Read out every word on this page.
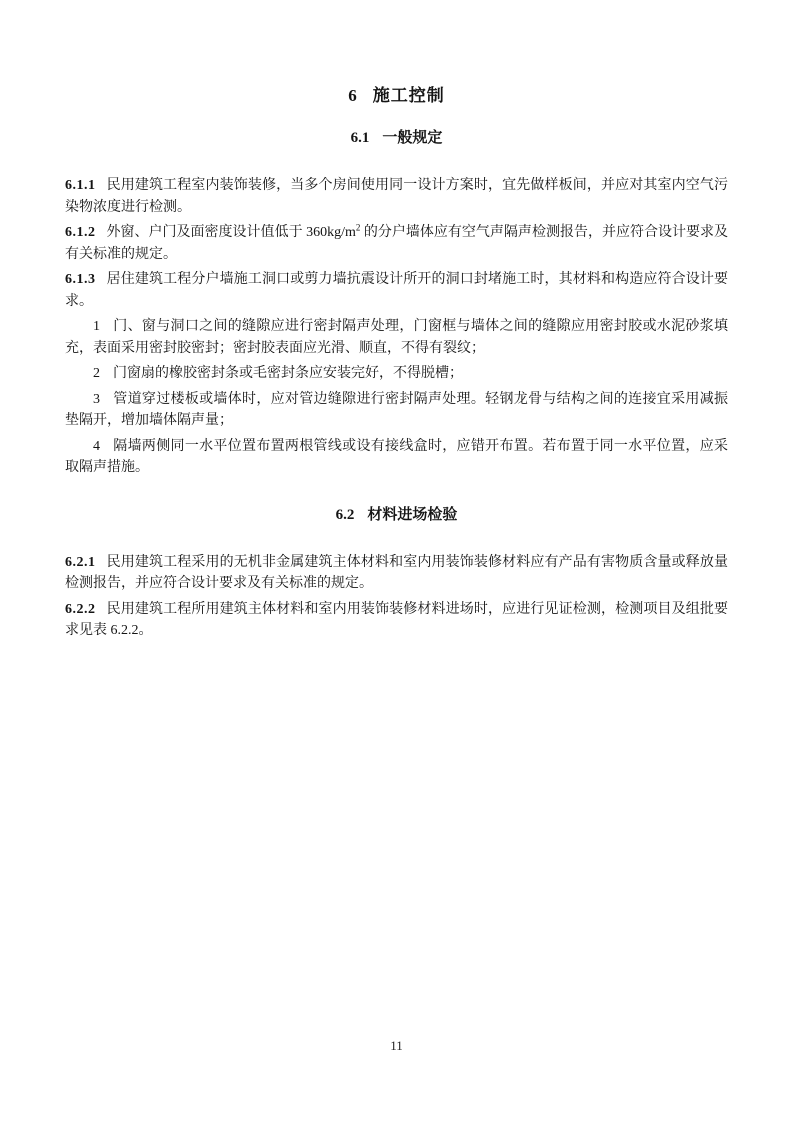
6 施工控制
6.1 一般规定

6.1.1 民用建筑工程室内装饰装修，当多个房间使用同一设计方案时，宜先做样板间，并应对其室内空气污染物浓度进行检测。

6.1.2 外窗、户门及面密度设计值低于 $360kg/m^2$ 的分户墙体应有空气声隔声检测报告，并应符合设计要求及有关标准的规定。

6.1.3 居住建筑工程分户墙施工洞口或剪力墙抗震设计所开的洞口封堵施工时，其材料和构造应符合设计要求。

1 门、窗与洞口之间的缝隙应进行密封隔声处理，门窗框与墙体之间的缝隙应用密封胶或水泥砂浆填充，表面采用密封胶密封；密封胶表面应光滑、顺直，不得有裂纹；

2 门窗扇的橡胶密封条或毛密封条应安装完好，不得脱槽；

3 管道穿过楼板或墙体时，应对管边缝隙进行密封隔声处理。轻钢龙骨与结构之间的连接宜采用减振垫隔开，增加墙体隔声量；

4 隔墙两侧同一水平位置布置两根管线或设有接线盒时，应错开布置。若布置于同一水平位置，应采取隔声措施。

6.2 材料进场检验

6.2.1 民用建筑工程采用的无机非金属建筑主体材料和室内用装饰装修材料应有产品有害物质含量或释放量检测报告，并应符合设计要求及有关标准的规定。

6.2.2 民用建筑工程所用建筑主体材料和室内用装饰装修材料进场时，应进行见证检测，检测项目及组批要求见表 6.2.2。

11
